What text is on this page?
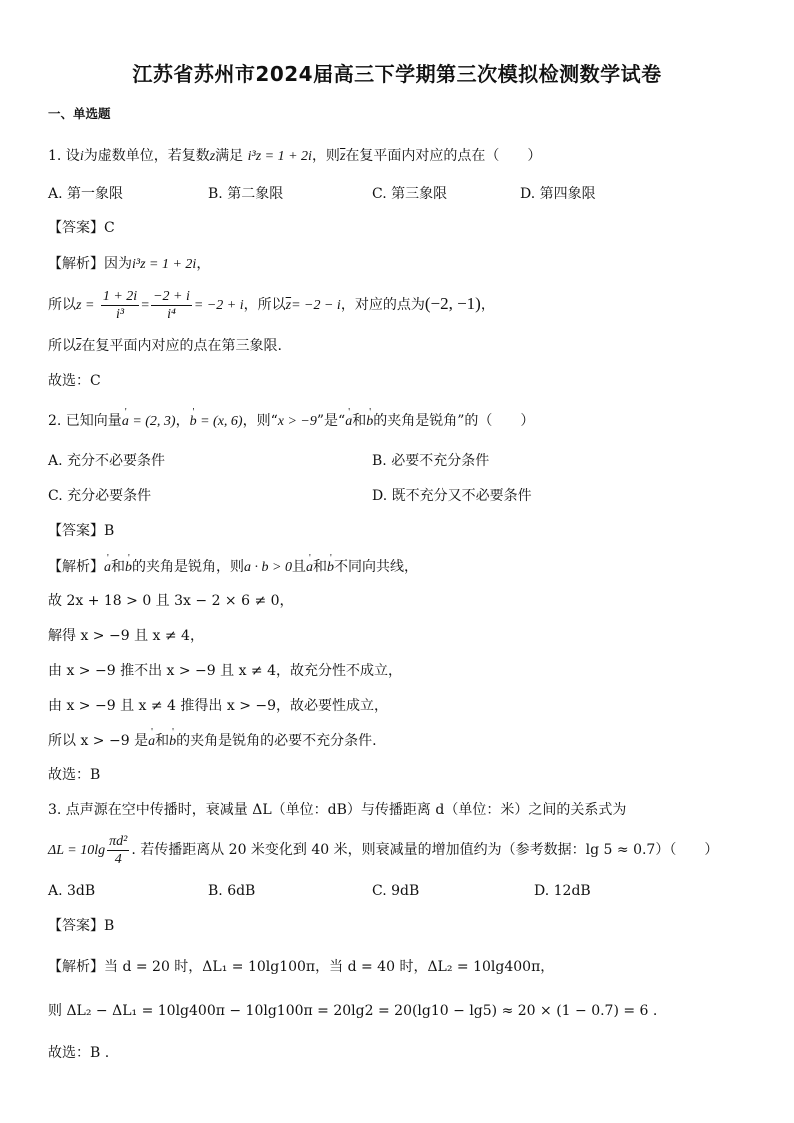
江苏省苏州市2024届高三下学期第三次模拟检测数学试卷
一、单选题
1. 设i为虚数单位，若复数z满足 i³z = 1 + 2i，则$\overline{z}$在复平面内对应的点在（　　）
A. 第一象限	B. 第二象限	C. 第三象限	D. 第四象限
【答案】C
【解析】因为i³z = 1 + 2i，
所以$z = \frac{1 + 2i}{\text{i³}} = \frac{-2 + i}{\text{i⁴}} = -2 + i$，所以$\overline{z}= -2 - i$，对应的点为(−2, −1)，
所以$\overline{z}$在复平面内对应的点在第三象限.
故选：C
2. 已知向量' a = (2, 3)，' b = (x, 6)，则“x > −9”是“' a和' b的夹角是锐角”的（　　）
A. 充分不必要条件	B. 必要不充分条件
C. 充分必要条件	D. 既不充分又不必要条件
【答案】B
【解析】' a和' b的夹角是锐角，则a · b > 0且' a和' b不同向共线，
故 2x + 18 > 0 且 3x − 2 × 6 ≠ 0，
解得 x > −9 且 x ≠ 4，
由 x > −9 推不出 x > −9 且 x ≠ 4，故充分性不成立，
由 x > −9 且 x ≠ 4 推得出 x > −9，故必要性成立，
所以 x > −9 是' a和' b的夹角是锐角的必要不充分条件.
故选：B
3. 点声源在空中传播时，衰减量 ΔL（单位：dB）与传播距离 d（单位：米）之间的关系式为
$\Delta L = 10\lg \frac{\text{πd²}}{4}$ . 若传播距离从 20 米变化到 40 米，则衰减量的增加值约为（参考数据：lg 5 ≈ 0.7）（　　）
A. 3dB	B. 6dB	C. 9dB	D. 12dB
【答案】B
【解析】当 d = 20 时，ΔL₁ = 10lg100π，当 d = 40 时，ΔL₂ = 10lg400π，
则 ΔL₂ − ΔL₁ = 10lg400π − 10lg100π = 20lg2 = 20(lg10 − lg5) ≈ 20 × (1 − 0.7) = 6 .
故选：B .
